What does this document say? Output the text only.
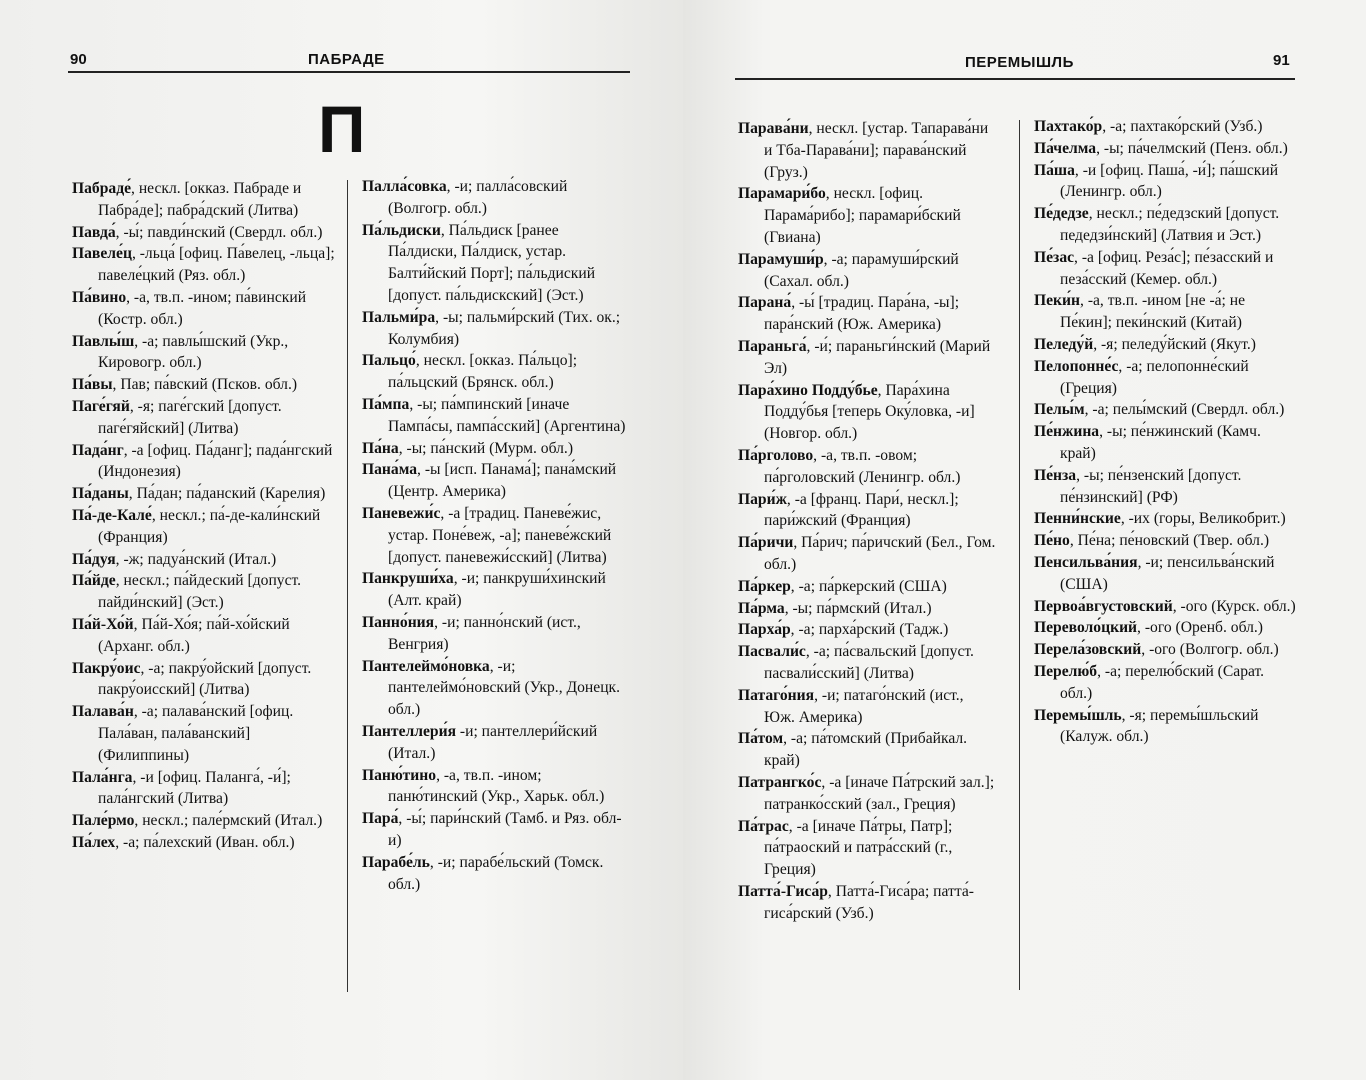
90	ПАБРАДЕ
П

Пабраде́, нескл. [окказ. Пабраде и Пабра́де]; пабра́дский (Литва)

Павда́, -ы́; павди́нский (Свердл. обл.)

Павеле́ц, -льца́ [офиц. Па́велец, -льца]; павеле́цкий (Ряз. обл.)

Па́вино, -а, тв.п. -ином; па́винский (Костр. обл.)

Павлы́ш, -а; павлы́шский (Укр., Кировогр. обл.)

Па́вы, Пав; па́вский (Псков. обл.)

Паге́гяй, -я; паге́гский [допуст. паге́гяйский] (Литва)

Пада́нг, -а [офиц. Па́данг]; пада́нгский (Индонезия)

Па́даны, Па́дан; па́данский (Карелия)

Па́-де-Кале́, нескл.; па́-де-кали́нский (Франция)

Па́дуя, -ж; падуа́нский (Итал.)

Па́йде, нескл.; па́йдеский [допуст. пайди́нский] (Эст.)

Па́й-Хо́й, Па́й-Хо́я; па́й-хо́йский (Арханг. обл.)

Пакру́оис, -а; пакру́ойский [допуст. пакру́оисский] (Литва)

Палава́н, -а; палава́нский [офиц. Пала́ван, пала́ванский] (Филиппины)

Пала́нга, -и [офиц. Паланга́, -и́]; пала́нгский (Литва)

Пале́рмо, нескл.; пале́рмский (Итал.)

Па́лех, -а; па́лехский (Иван. обл.)

Палла́совка, -и; палла́совский (Волгогр. обл.)

Па́льдиски, Па́льдиск [ранее Па́лдиски, Па́лдиск, устар. Балти́йский Порт]; па́льдиский [допуст. па́льдискский] (Эст.)

Пальми́ра, -ы; пальми́рский (Тих. ок.; Колумбия)

Пальцо́, нескл. [окказ. Па́льцо]; па́льцский (Брянск. обл.)

Па́мпа, -ы; па́мпинский [иначе Пампа́сы, пампа́сский] (Аргентина)

Па́на, -ы; па́нский (Мурм. обл.)

Пана́ма, -ы [исп. Панама́]; пана́мский (Центр. Америка)

Паневежи́с, -а [традиц. Паневе́жис, устар. Поне́веж, -а]; паневе́жский [допуст. паневежи́сский] (Литва)

Панкруши́ха, -и; панкруши́хинский (Алт. край)

Панно́ния, -и; панно́нский (ист., Венгрия)

Пантелеймо́новка, -и; пантелеймо́новский (Укр., Донецк. обл.)

Пантеллери́я -и; пантеллери́йский (Итал.)

Паню́тино, -а, тв.п. -ином; паню́тинский (Укр., Харьк. обл.)

Пара́, -ы́; пари́нский (Тамб. и Ряз. обл-и)

Парабе́ль, -и; парабе́льский (Томск. обл.)

ПЕРЕМЫШЛЬ	91

Парава́ни, нескл. [устар. Тапарава́ни и Тба-Парава́ни]; парава́нский (Груз.)

Парамари́бо, нескл. [офиц. Парама́рибо]; парамари́бский (Гвиана)

Парамуши́р, -а; парамуши́рский (Сахал. обл.)

Парана́, -ы́ [традиц. Пара́на, -ы]; пара́нский (Юж. Америка)

Параньга́, -и́; параньги́нский (Марий Эл)

Пара́хино Подду́бье, Пара́хина Подду́бья [теперь Оку́ловка, -и] (Новгор. обл.)

Па́рголово, -а, тв.п. -овом; па́рголовский (Ленингр. обл.)

Пари́ж, -а [франц. Пари́, нескл.]; пари́жский (Франция)

Па́ричи, Па́рич; па́ричский (Бел., Гом. обл.)

Па́ркер, -а; па́ркерский (США)

Па́рма, -ы; па́рмский (Итал.)

Парха́р, -а; парха́рский (Тадж.)

Пасвали́с, -а; па́свальский [допуст. пасвали́сский] (Литва)

Патаго́ния, -и; патаго́нский (ист., Юж. Америка)

Па́том, -а; па́томский (Прибайкал. край)

Патрангко́с, -а [иначе Па́трский зал.]; патранко́сский (зал., Греция)

Па́трас, -а [иначе Па́тры, Патр]; па́траоский и патра́сский (г., Греция)

Патта́-Гиса́р, Патта́-Гиса́ра; патта́-гиса́рский (Узб.)

Пахтако́р, -а; пахтако́рский (Узб.)

Па́челма, -ы; па́челмский (Пенз. обл.)

Па́ша, -и [офиц. Паша́, -и́]; па́шский (Ленингр. обл.)

Пе́дедзе, нескл.; пе́дедзский [допуст. педедзи́нский] (Латвия и Эст.)

Пе́зас, -а [офиц. Peза́с]; пе́засский и пеза́сский (Кемер. обл.)

Пеки́н, -а, тв.п. -ином [не -а́; не Пе́кин]; пеки́нский (Китай)

Пеледу́й, -я; пеледу́йский (Якут.)

Пелопонне́с, -а; пелопонне́ский (Греция)

Пелы́м, -а; пелы́мский (Свердл. обл.)

Пе́нжина, -ы; пе́нжинский (Камч. край)

Пе́нза, -ы; пе́нзенский [допуст. пе́нзинский] (РФ)

Пенни́нские, -их (горы, Великобрит.)

Пе́но, Пе́на; пе́новский (Твер. обл.)

Пенсильва́ния, -и; пенсильва́нский (США)

Первоа́вгустовский, -ого (Курск. обл.)

Переволо́цкий, -ого (Оренб. обл.)

Перела́зовский, -ого (Волгогр. обл.)

Перелю́б, -а; перелю́бский (Сарат. обл.)

Перемы́шль, -я; перемы́шльский (Калуж. обл.)
